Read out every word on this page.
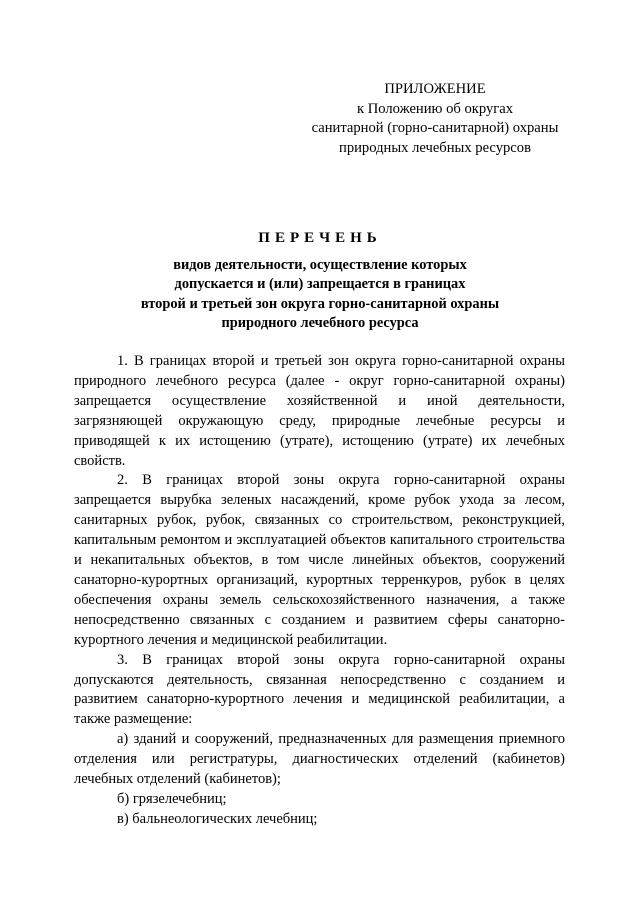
ПРИЛОЖЕНИЕ
к Положению об округах
санитарной (горно-санитарной) охраны
природных лечебных ресурсов
ПЕРЕЧЕНЬ
видов деятельности, осуществление которых
допускается и (или) запрещается в границах
второй и третьей зон округа горно-санитарной охраны
природного лечебного ресурса

1. В границах второй и третьей зон округа горно-санитарной охраны природного лечебного ресурса (далее - округ горно-санитарной охраны) запрещается осуществление хозяйственной и иной деятельности, загрязняющей окружающую среду, природные лечебные ресурсы и приводящей к их истощению (утрате), истощению (утрате) их лечебных свойств.

2. В границах второй зоны округа горно-санитарной охраны запрещается вырубка зеленых насаждений, кроме рубок ухода за лесом, санитарных рубок, рубок, связанных со строительством, реконструкцией, капитальным ремонтом и эксплуатацией объектов капитального строительства и некапитальных объектов, в том числе линейных объектов, сооружений санаторно-курортных организаций, курортных терренкуров, рубок в целях обеспечения охраны земель сельскохозяйственного назначения, а также непосредственно связанных с созданием и развитием сферы санаторно-курортного лечения и медицинской реабилитации.

3. В границах второй зоны округа горно-санитарной охраны допускаются деятельность, связанная непосредственно с созданием и развитием санаторно-курортного лечения и медицинской реабилитации, а также размещение:

а) зданий и сооружений, предназначенных для размещения приемного отделения или регистратуры, диагностических отделений (кабинетов) лечебных отделений (кабинетов);

б) грязелечебниц;

в) бальнеологических лечебниц;
